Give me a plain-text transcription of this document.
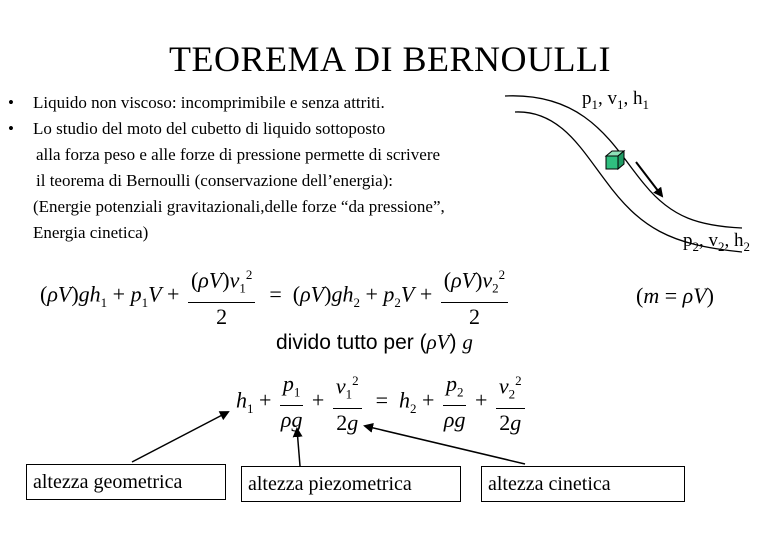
TEOREMA DI BERNOULLI
• Liquido non viscoso: incomprimibile e senza attriti.
• Lo studio del moto del cubetto di liquido sottoposto
alla forza peso e alle forze di pressione permette di scrivere
il teorema di Bernoulli (conservazione dell’energia):
(Energie potenziali gravitazionali,delle forze “da pressione”,
Energia cinetica)
$p_1$, $v_1$, $h_1$
$p_2$, $v_2$, $h_2$
$(\rho V)gh_1 + p_1V + \frac{(\rho V)v_1^2}{2} = (\rho V)gh_2 + p_2V + \frac{(\rho V)v_2^2}{2}$	(m = ρV)
divido tutto per (ρV) g
$h_1 + \frac{p_1}{\rho g} + \frac{v_1^2}{2g} = h_2 + \frac{p_2}{\rho g} + \frac{v_2^2}{2g}$
altezza geometrica	altezza piezometrica	altezza cinetica
